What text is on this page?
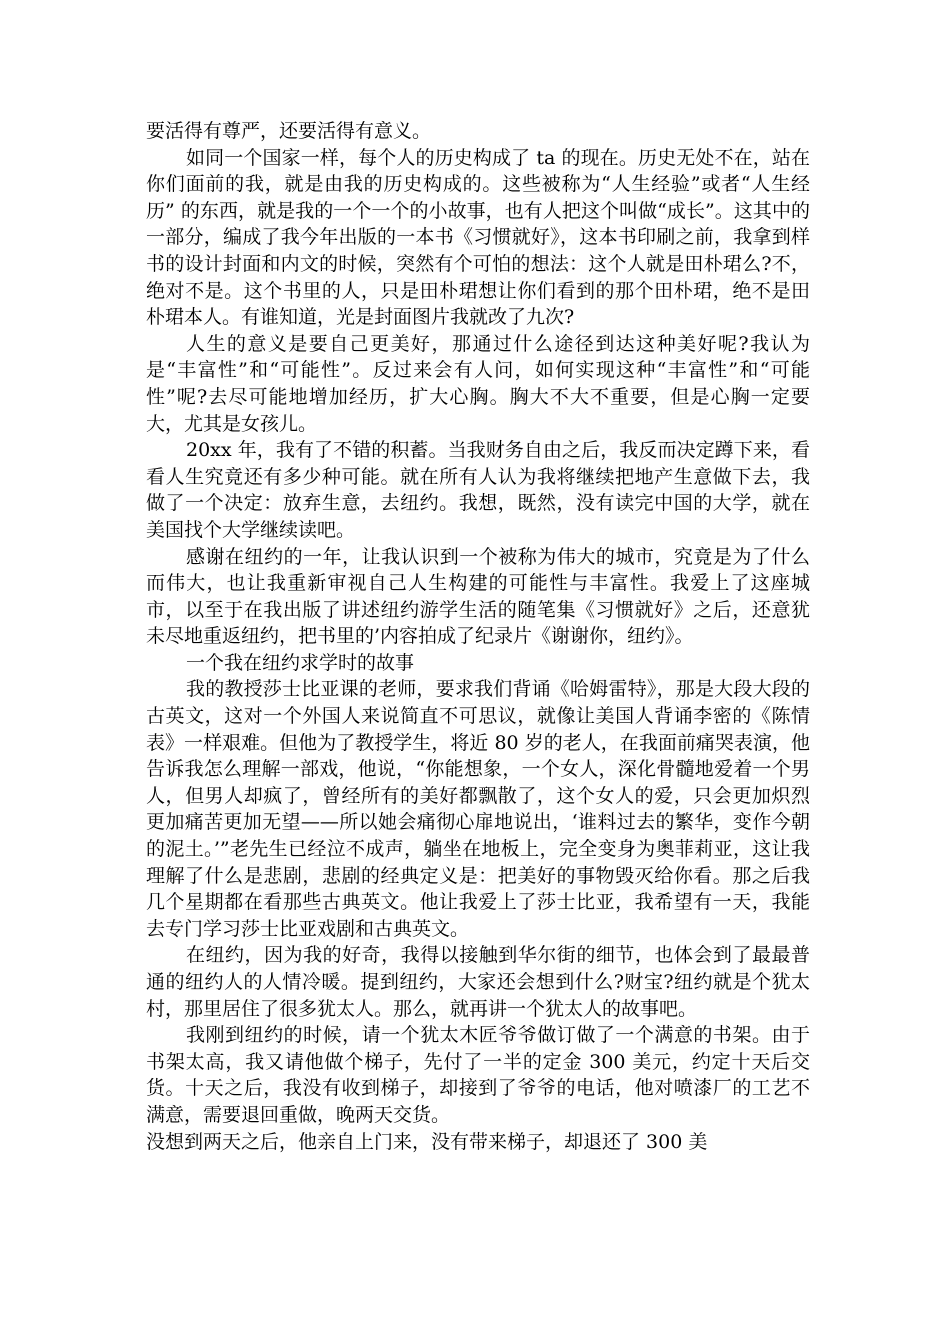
要活得有尊严，还要活得有意义。

如同一个国家一样，每个人的历史构成了 ta 的现在。历史无处不在，站在你们面前的我，就是由我的历史构成的。这些被称为“人生经验”或者“人生经历” 的东西，就是我的一个一个的小故事，也有人把这个叫做“成长”。这其中的一部分，编成了我今年出版的一本书《习惯就好》，这本书印刷之前，我拿到样书的设计封面和内文的时候，突然有个可怕的想法：这个人就是田朴珺么?不，绝对不是。这个书里的人，只是田朴珺想让你们看到的那个田朴珺，绝不是田朴珺本人。有谁知道，光是封面图片我就改了九次?

人生的意义是要自己更美好，那通过什么途径到达这种美好呢?我认为是“丰富性”和“可能性”。反过来会有人问，如何实现这种“丰富性”和“可能性”呢?去尽可能地增加经历，扩大心胸。胸大不大不重要，但是心胸一定要大，尤其是女孩儿。

20xx 年，我有了不错的积蓄。当我财务自由之后，我反而决定蹲下来，看看人生究竟还有多少种可能。就在所有人认为我将继续把地产生意做下去，我做了一个决定：放弃生意，去纽约。我想，既然，没有读完中国的大学，就在美国找个大学继续读吧。

感谢在纽约的一年，让我认识到一个被称为伟大的城市，究竟是为了什么而伟大，也让我重新审视自己人生构建的可能性与丰富性。我爱上了这座城市，以至于在我出版了讲述纽约游学生活的随笔集《习惯就好》之后，还意犹未尽地重返纽约，把书里的’内容拍成了纪录片《谢谢你，纽约》。

一个我在纽约求学时的故事

我的教授莎士比亚课的老师，要求我们背诵《哈姆雷特》，那是大段大段的古英文，这对一个外国人来说简直不可思议，就像让美国人背诵李密的《陈情表》一样艰难。但他为了教授学生，将近 80 岁的老人，在我面前痛哭表演，他告诉我怎么理解一部戏，他说，“你能想象，一个女人，深化骨髓地爱着一个男人，但男人却疯了，曾经所有的美好都飘散了，这个女人的爱，只会更加炽烈更加痛苦更加无望——所以她会痛彻心扉地说出，‘谁料过去的繁华，变作今朝的泥土。’”老先生已经泣不成声，躺坐在地板上，完全变身为奥菲莉亚，这让我理解了什么是悲剧，悲剧的经典定义是：把美好的事物毁灭给你看。那之后我几个星期都在看那些古典英文。他让我爱上了莎士比亚，我希望有一天，我能去专门学习莎士比亚戏剧和古典英文。

在纽约，因为我的好奇，我得以接触到华尔街的细节，也体会到了最最普通的纽约人的人情冷暖。提到纽约，大家还会想到什么?财宝?纽约就是个犹太村，那里居住了很多犹太人。那么，就再讲一个犹太人的故事吧。

我刚到纽约的时候，请一个犹太木匠爷爷做订做了一个满意的书架。由于书架太高，我又请他做个梯子，先付了一半的定金 300 美元，约定十天后交货。十天之后，我没有收到梯子，却接到了爷爷的电话，他对喷漆厂的工艺不满意，需要退回重做，晚两天交货。

没想到两天之后，他亲自上门来，没有带来梯子，却退还了 300 美
